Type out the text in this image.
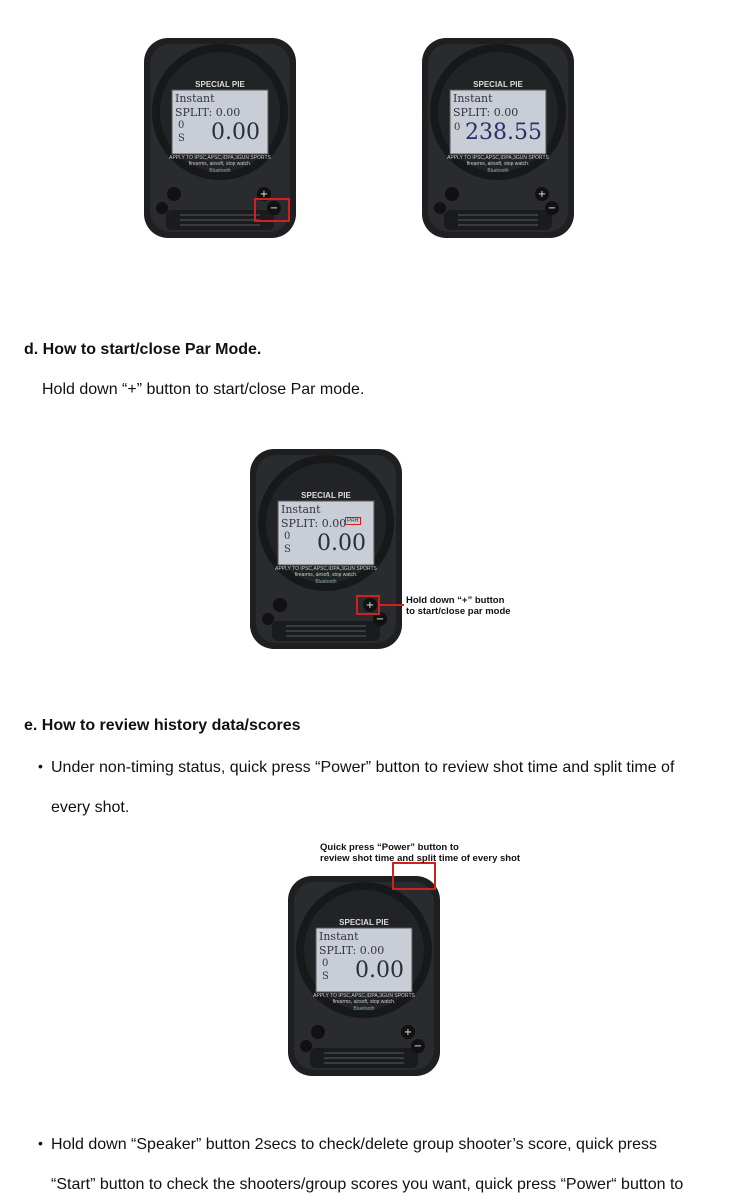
+
−
+
−
+
−
+
−
SPECIAL PIE
Instant
SPLIT: 0.00
0
S 0.00
APPLY TO IPSC,APSC,IDPA,3GUN SPORTS
firearms, airsoft, stop watch.
Bluetooth
SPECIAL PIE
Instant
SPLIT: 0.00
0 238.55
APPLY TO IPSC,APSC,IDPA,3GUN SPORTS
firearms, airsoft, stop watch.
Bluetooth
SPECIAL PIE
Instant
SPLIT: 0.00
0
S 0.00
PAR
APPLY TO IPSC,APSC,IDPA,3GUN SPORTS
firearms, airsoft, stop watch.
Bluetooth
SPECIAL PIE
Instant
SPLIT: 0.00
0
S 0.00
APPLY TO IPSC,APSC,IDPA,3GUN SPORTS
firearms, airsoft, stop watch.
Bluetooth
d. How to start/close Par Mode.

Hold down “+” button to start/close Par mode.

Hold down “+” button
to start/close par mode
e. How to review history data/scores
• Under non-timing status, quick press “Power” button to review shot time and split time of

every shot.

Quick press “Power” button to
review shot time and split time of every shot
• Hold down “Speaker” button 2secs to check/delete group shooter’s score, quick press

“Start” button to check the shooters/group scores you want, quick press “Power“ button to
